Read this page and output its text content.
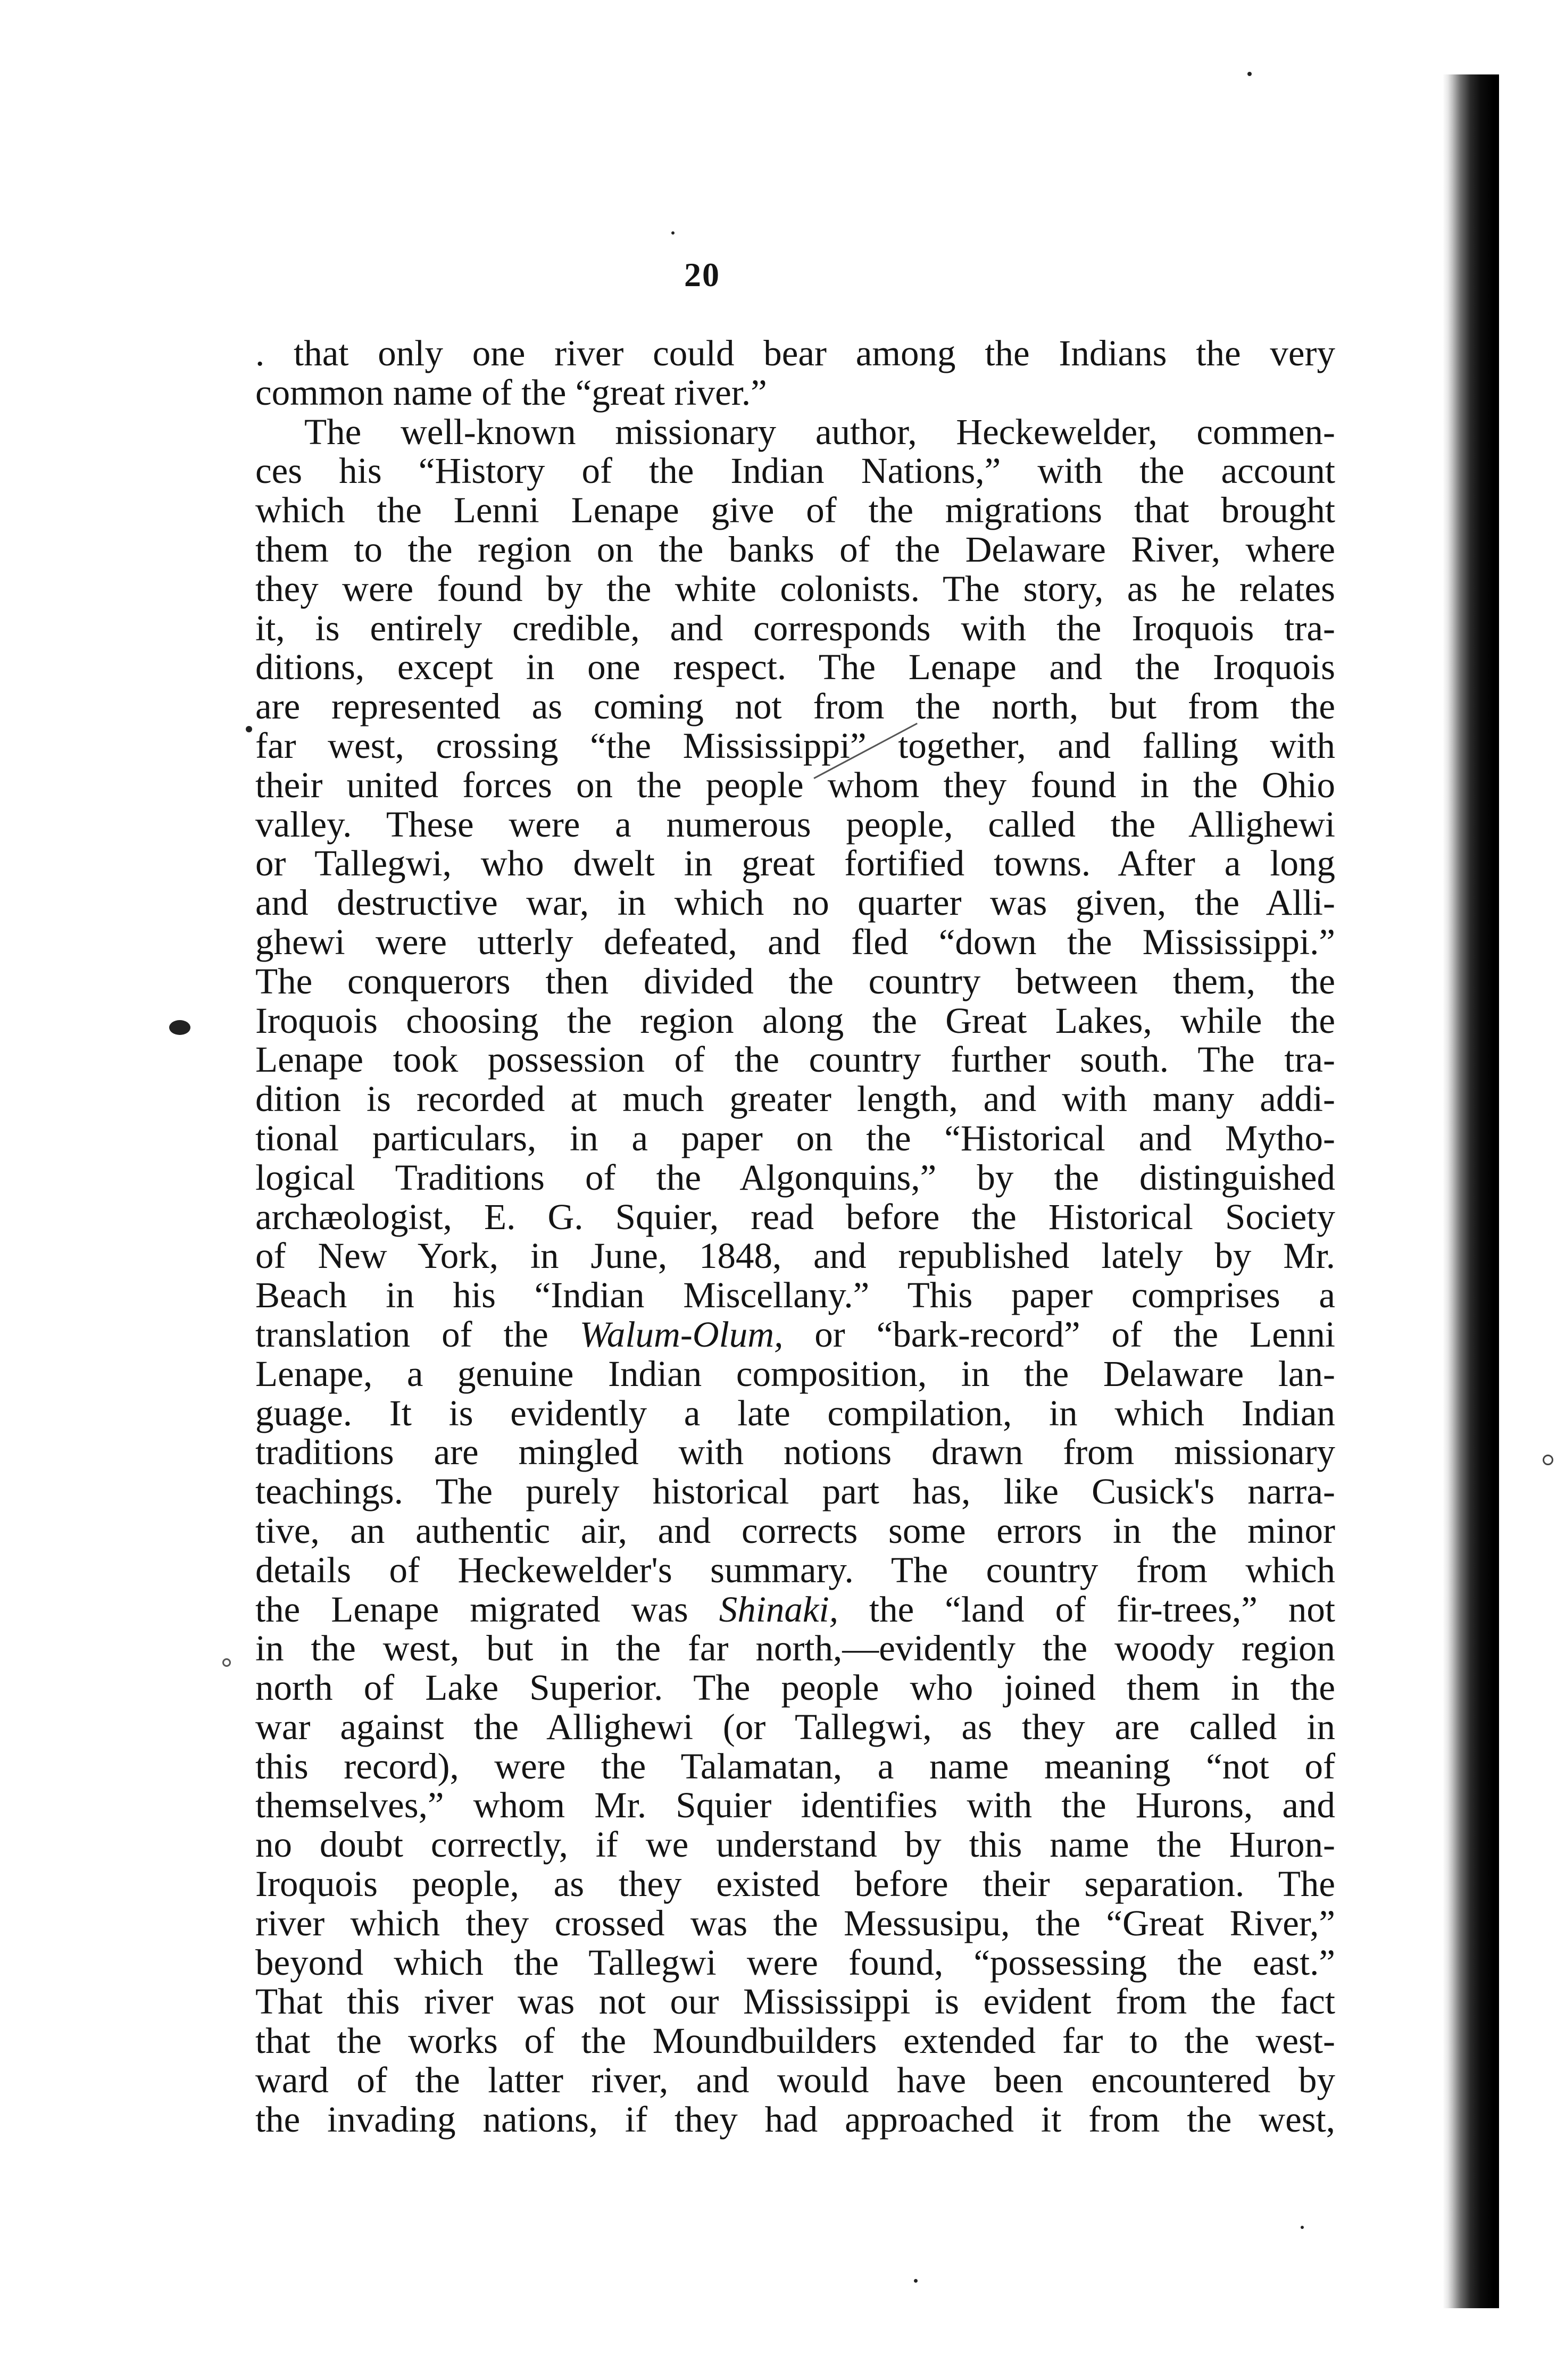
20
. that only one river could bear among the Indians the very
common name of the “great river.”
The well-known missionary author, Heckewelder, commen-
ces his “History of the Indian Nations,” with the account
which the Lenni Lenape give of the migrations that brought
them to the region on the banks of the Delaware River, where
they were found by the white colonists. The story, as he relates
it, is entirely credible, and corresponds with the Iroquois tra-
ditions, except in one respect. The Lenape and the Iroquois
are represented as coming not from the north, but from the
far west, crossing “the Mississippi” together, and falling with
their united forces on the people whom they found in the Ohio
valley. These were a numerous people, called the Allighewi
or Tallegwi, who dwelt in great fortified towns. After a long
and destructive war, in which no quarter was given, the Alli-
ghewi were utterly defeated, and fled “down the Mississippi.”
The conquerors then divided the country between them, the
Iroquois choosing the region along the Great Lakes, while the
Lenape took possession of the country further south. The tra-
dition is recorded at much greater length, and with many addi-
tional particulars, in a paper on the “Historical and Mytho-
logical Traditions of the Algonquins,” by the distinguished
archæologist, E. G. Squier, read before the Historical Society
of New York, in June, 1848, and republished lately by Mr.
Beach in his “Indian Miscellany.” This paper comprises a
translation of the Walum-Olum, or “bark-record” of the Lenni
Lenape, a genuine Indian composition, in the Delaware lan-
guage. It is evidently a late compilation, in which Indian
traditions are mingled with notions drawn from missionary
teachings. The purely historical part has, like Cusick's narra-
tive, an authentic air, and corrects some errors in the minor
details of Heckewelder's summary. The country from which
the Lenape migrated was Shinaki, the “land of fir-trees,” not
in the west, but in the far north,—evidently the woody region
north of Lake Superior. The people who joined them in the
war against the Allighewi (or Tallegwi, as they are called in
this record), were the Talamatan, a name meaning “not of
themselves,” whom Mr. Squier identifies with the Hurons, and
no doubt correctly, if we understand by this name the Huron-
Iroquois people, as they existed before their separation. The
river which they crossed was the Messusipu, the “Great River,”
beyond which the Tallegwi were found, “possessing the east.”
That this river was not our Mississippi is evident from the fact
that the works of the Moundbuilders extended far to the west-
ward of the latter river, and would have been encountered by
the invading nations, if they had approached it from the west,
